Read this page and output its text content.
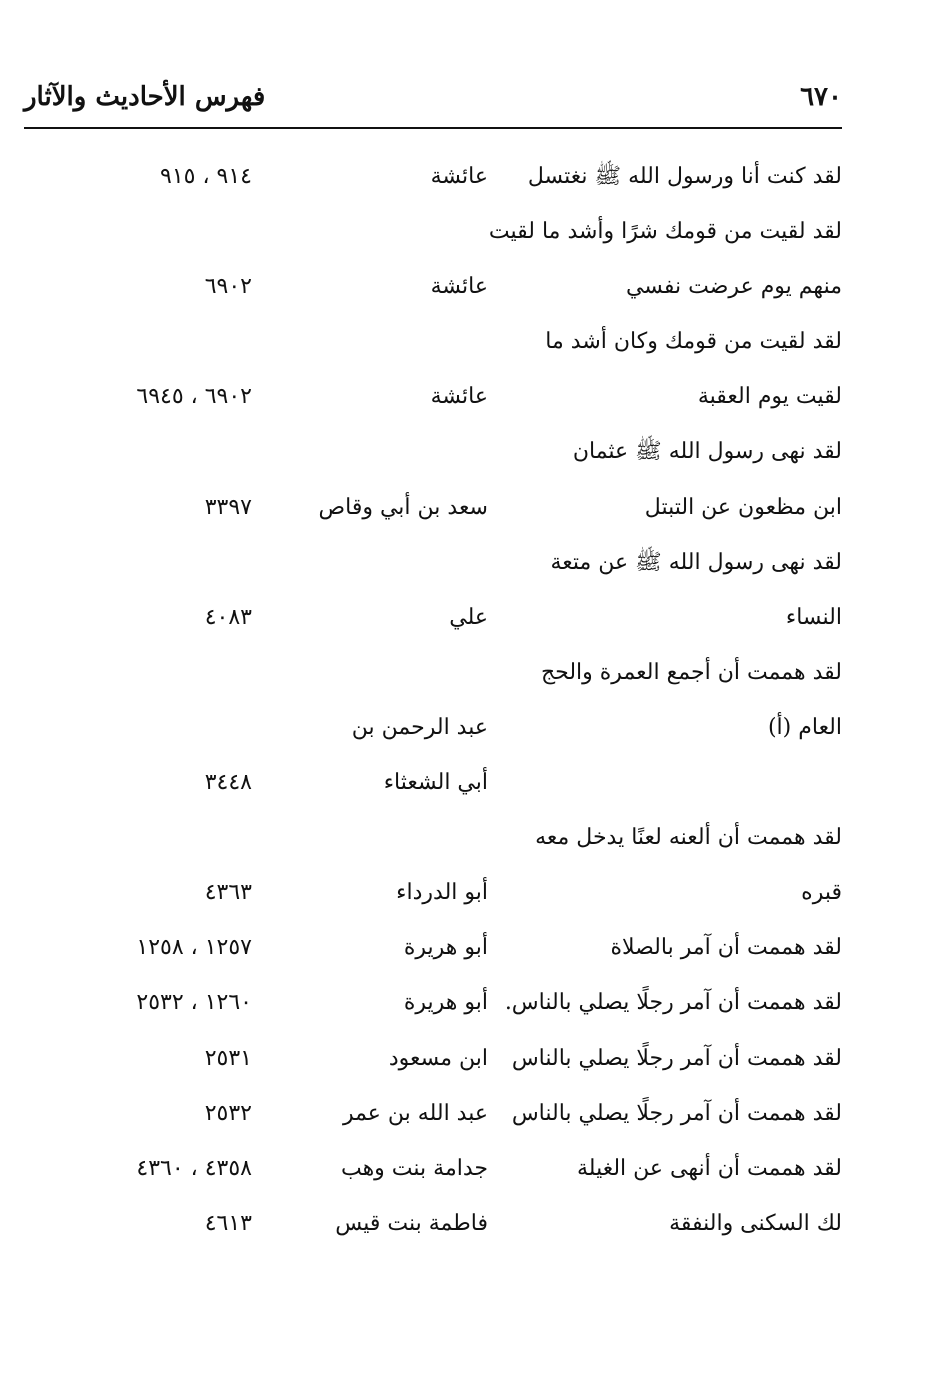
٦٧٠
فهرس الأحاديث والآثار
لقد كنت أنا ورسول الله ﷺ نغتسل
عائشة
٩١٤ ، ٩١٥
لقد لقيت من قومك شرًا وأشد ما لقيت
منهم يوم عرضت نفسي
عائشة
٦٩٠٢
لقد لقيت من قومك وكان أشد ما
لقيت يوم العقبة
عائشة
٦٩٠٢ ، ٦٩٤٥
لقد نهى رسول الله ﷺ عثمان
ابن مظعون عن التبتل
سعد بن أبي وقاص
٣٣٩٧
لقد نهى رسول الله ﷺ عن متعة
النساء
علي
٤٠٨٣
لقد هممت أن أجمع العمرة والحج
العام (أ)
عبد الرحمن بن
أبي الشعثاء
٣٤٤٨
لقد هممت أن ألعنه لعنًا يدخل معه
قبره
أبو الدرداء
٤٣٦٣
لقد هممت أن آمر بالصلاة
أبو هريرة
١٢٥٧ ، ١٢٥٨
لقد هممت أن آمر رجلًا يصلي بالناس.
أبو هريرة
١٢٦٠ ، ٢٥٣٢
لقد هممت أن آمر رجلًا يصلي بالناس
ابن مسعود
٢٥٣١
لقد هممت أن آمر رجلًا يصلي بالناس
عبد الله بن عمر
٢٥٣٢
لقد هممت أن أنهى عن الغيلة
جدامة بنت وهب
٤٣٥٨ ، ٤٣٦٠
لك السكنى والنفقة
فاطمة بنت قيس
٤٦١٣
